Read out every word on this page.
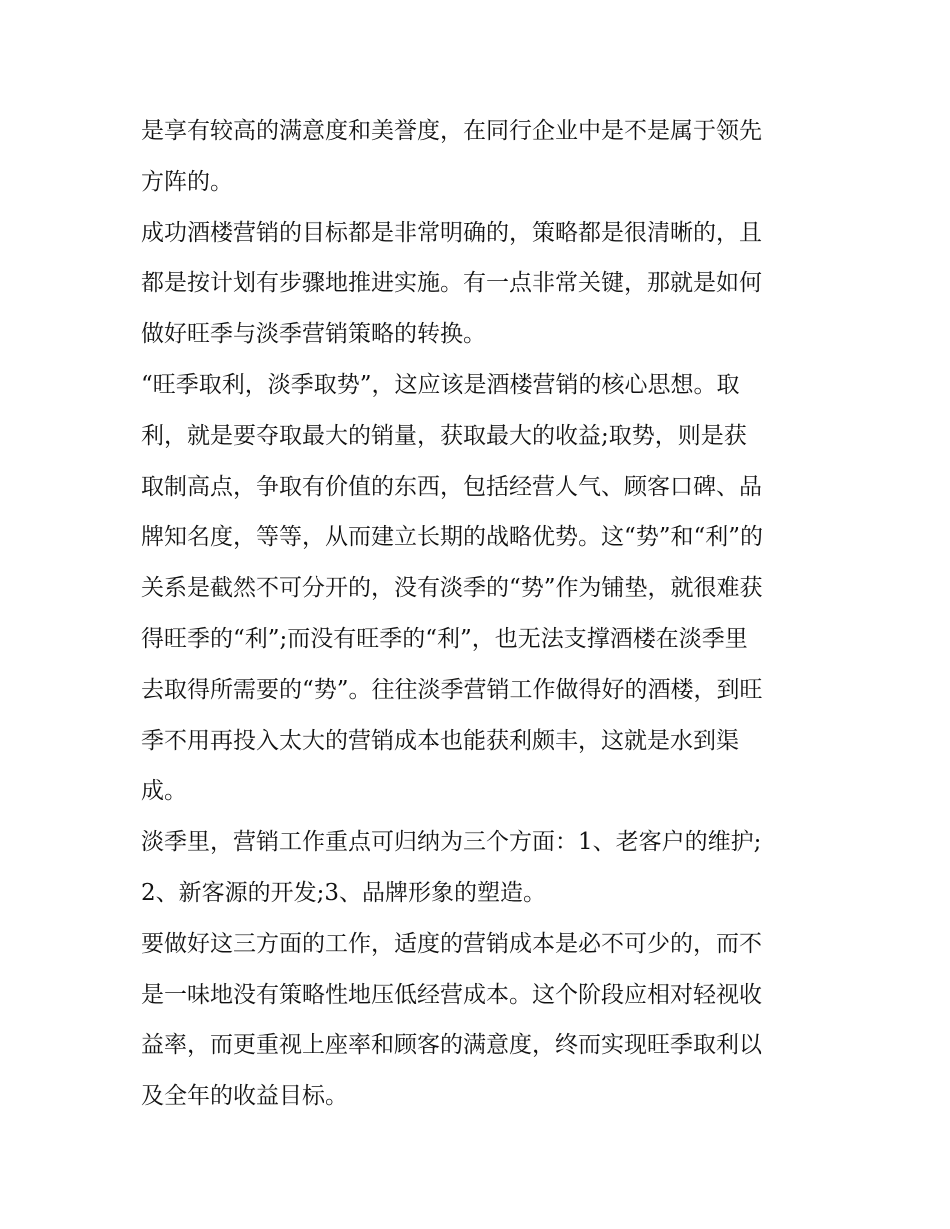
是享有较高的满意度和美誉度，在同行企业中是不是属于领先
方阵的。
成功酒楼营销的目标都是非常明确的，策略都是很清晰的，且
都是按计划有步骤地推进实施。有一点非常关键，那就是如何
做好旺季与淡季营销策略的转换。
“旺季取利，淡季取势”，这应该是酒楼营销的核心思想。取
利，就是要夺取最大的销量，获取最大的收益;取势，则是获
取制高点，争取有价值的东西，包括经营人气、顾客口碑、品
牌知名度，等等，从而建立长期的战略优势。这“势”和“利”的
关系是截然不可分开的，没有淡季的“势”作为铺垫，就很难获
得旺季的“利”;而没有旺季的“利”，也无法支撑酒楼在淡季里
去取得所需要的“势”。往往淡季营销工作做得好的酒楼，到旺
季不用再投入太大的营销成本也能获利颇丰，这就是水到渠
成。
淡季里，营销工作重点可归纳为三个方面：1、老客户的维护;
2、新客源的开发;3、品牌形象的塑造。
要做好这三方面的工作，适度的营销成本是必不可少的，而不
是一味地没有策略性地压低经营成本。这个阶段应相对轻视收
益率，而更重视上座率和顾客的满意度，终而实现旺季取利以
及全年的收益目标。
